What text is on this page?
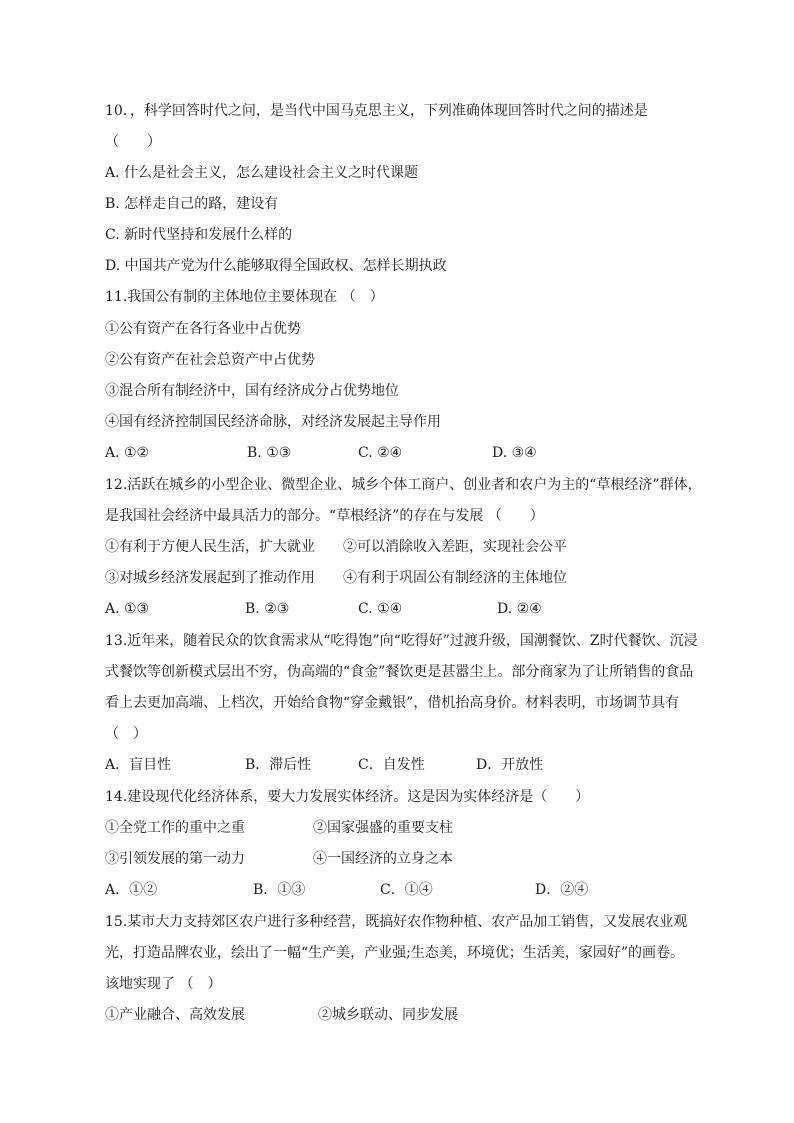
10．，科学回答时代之问，是当代中国马克思主义，下列准确体现回答时代之问的描述是
（　　）
A. 什么是社会主义，怎么建设社会主义之时代课题
B. 怎样走自己的路，建设有
C. 新时代坚持和发展什么样的
D. 中国共产党为什么能够取得全国政权、怎样长期执政
11.我国公有制的主体地位主要体现在 （　）
①公有资产在各行各业中占优势
②公有资产在社会总资产中占优势
③混合所有制经济中，国有经济成分占优势地位
④国有经济控制国民经济命脉，对经济发展起主导作用
A. ①②	B. ①③	C. ②④	D. ③④
12.活跃在城乡的小型企业、微型企业、城乡个体工商户、创业者和农户为主的“草根经济”群体，
是我国社会经济中最具活力的部分。“草根经济”的存在与发展 （　　）
①有利于方便人民生活，扩大就业　　②可以消除收入差距，实现社会公平
③对城乡经济发展起到了推动作用　　④有利于巩固公有制经济的主体地位
A. ①③	B. ②③	C. ①④	D. ②④
13.近年来，随着民众的饮食需求从“吃得饱”向“吃得好”过渡升级，国潮餐饮、Z时代餐饮、沉浸
式餐饮等创新模式层出不穷，伪高端的“食金”餐饮更是甚嚣尘上。部分商家为了让所销售的食品
看上去更加高端、上档次，开始给食物“穿金戴银”，借机抬高身价。材料表明，市场调节具有
（　）
A．盲目性	B．滞后性	C．自发性	D．开放性
14.建设现代化经济体系，要大力发展实体经济。这是因为实体经济是（　　）
①全党工作的重中之重	②国家强盛的重要支柱
③引领发展的第一动力	④一国经济的立身之本
A．①②	B．①③	C．①④	D．②④
15.某市大力支持郊区农户进行多种经营，既搞好农作物种植、农产品加工销售，又发展农业观
光，打造品牌农业，绘出了一幅“生产美，产业强;生态美，环境优；生活美，家园好”的画卷。
该地实现了 （　）
①产业融合、高效发展	②城乡联动、同步发展
